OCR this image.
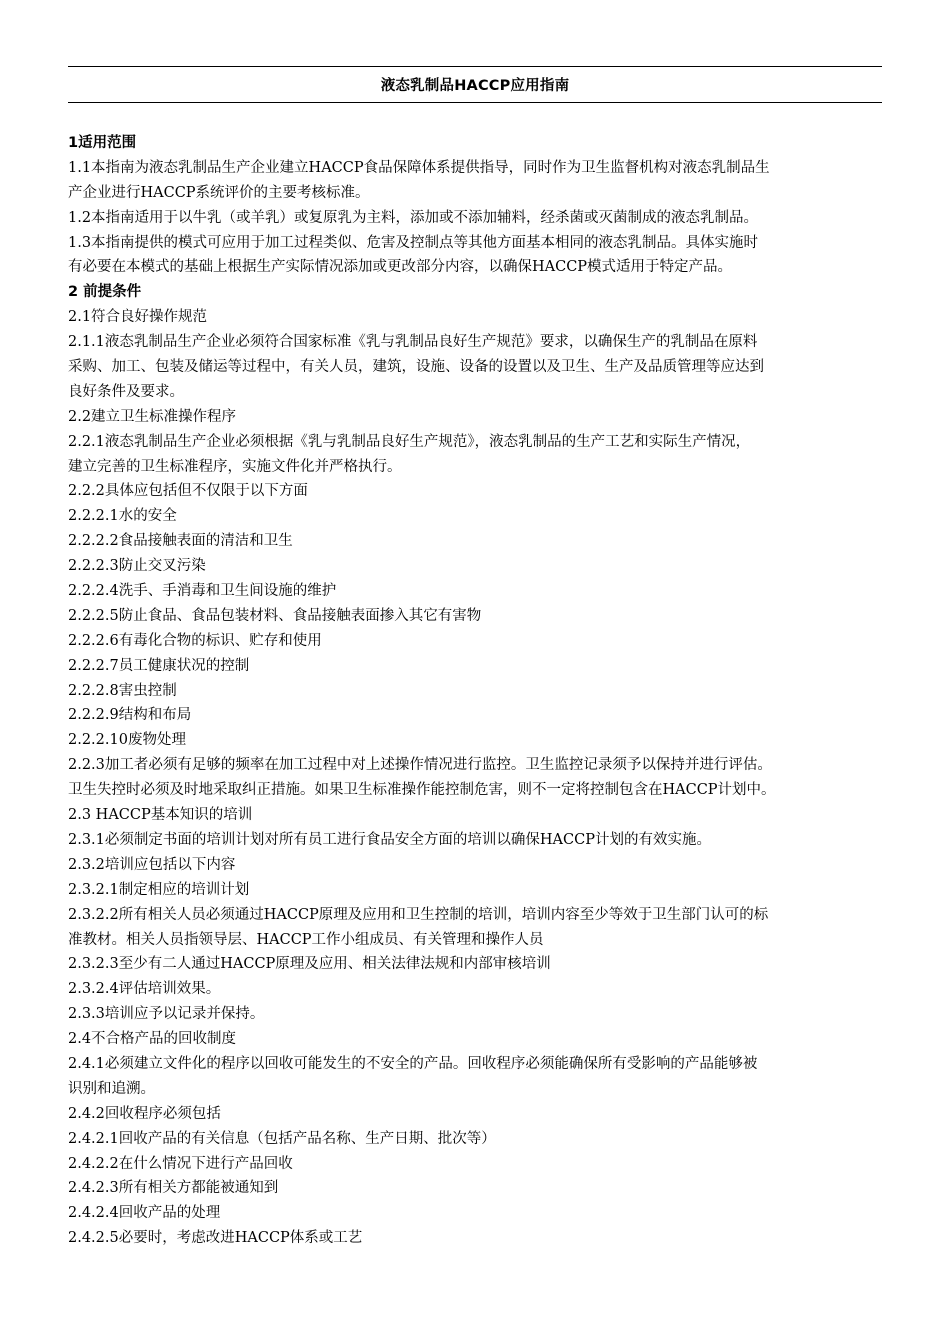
液态乳制品HACCP应用指南
1适用范围
1.1本指南为液态乳制品生产企业建立HACCP食品保障体系提供指导，同时作为卫生监督机构对液态乳制品生
产企业进行HACCP系统评价的主要考核标准。
1.2本指南适用于以牛乳（或羊乳）或复原乳为主料，添加或不添加辅料，经杀菌或灭菌制成的液态乳制品。
1.3本指南提供的模式可应用于加工过程类似、危害及控制点等其他方面基本相同的液态乳制品。具体实施时
有必要在本模式的基础上根据生产实际情况添加或更改部分内容，以确保HACCP模式适用于特定产品。
2 前提条件
2.1符合良好操作规范
2.1.1液态乳制品生产企业必须符合国家标准《乳与乳制品良好生产规范》要求，以确保生产的乳制品在原料
采购、加工、包装及储运等过程中，有关人员，建筑，设施、设备的设置以及卫生、生产及品质管理等应达到
良好条件及要求。
2.2建立卫生标准操作程序
2.2.1液态乳制品生产企业必须根据《乳与乳制品良好生产规范》，液态乳制品的生产工艺和实际生产情况，
建立完善的卫生标准程序，实施文件化并严格执行。
2.2.2具体应包括但不仅限于以下方面
2.2.2.1水的安全
2.2.2.2食品接触表面的清洁和卫生
2.2.2.3防止交叉污染
2.2.2.4洗手、手消毒和卫生间设施的维护
2.2.2.5防止食品、食品包装材料、食品接触表面掺入其它有害物
2.2.2.6有毒化合物的标识、贮存和使用
2.2.2.7员工健康状况的控制
2.2.2.8害虫控制
2.2.2.9结构和布局
2.2.2.10废物处理
2.2.3加工者必须有足够的频率在加工过程中对上述操作情况进行监控。卫生监控记录须予以保持并进行评估。
卫生失控时必须及时地采取纠正措施。如果卫生标准操作能控制危害，则不一定将控制包含在HACCP计划中。
2.3 HACCP基本知识的培训
2.3.1必须制定书面的培训计划对所有员工进行食品安全方面的培训以确保HACCP计划的有效实施。
2.3.2培训应包括以下内容
2.3.2.1制定相应的培训计划
2.3.2.2所有相关人员必须通过HACCP原理及应用和卫生控制的培训，培训内容至少等效于卫生部门认可的标
准教材。相关人员指领导层、HACCP工作小组成员、有关管理和操作人员
2.3.2.3至少有二人通过HACCP原理及应用、相关法律法规和内部审核培训
2.3.2.4评估培训效果。
2.3.3培训应予以记录并保持。
2.4不合格产品的回收制度
2.4.1必须建立文件化的程序以回收可能发生的不安全的产品。回收程序必须能确保所有受影响的产品能够被
识别和追溯。
2.4.2回收程序必须包括
2.4.2.1回收产品的有关信息（包括产品名称、生产日期、批次等）
2.4.2.2在什么情况下进行产品回收
2.4.2.3所有相关方都能被通知到
2.4.2.4回收产品的处理
2.4.2.5必要时，考虑改进HACCP体系或工艺
